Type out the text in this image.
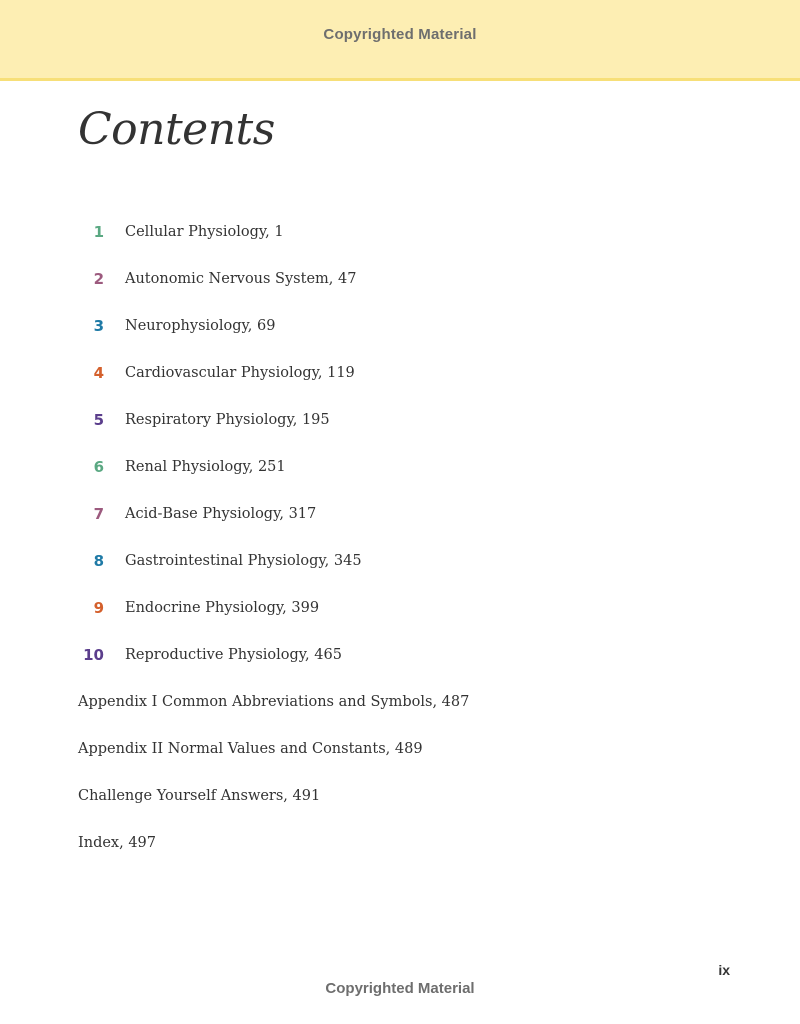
Copyrighted Material
Contents
1 Cellular Physiology, 1
2 Autonomic Nervous System, 47
3 Neurophysiology, 69
4 Cardiovascular Physiology, 119
5 Respiratory Physiology, 195
6 Renal Physiology, 251
7 Acid-Base Physiology, 317
8 Gastrointestinal Physiology, 345
9 Endocrine Physiology, 399
10 Reproductive Physiology, 465
Appendix I Common Abbreviations and Symbols, 487
Appendix II Normal Values and Constants, 489
Challenge Yourself Answers, 491
Index, 497
ix
Copyrighted Material
